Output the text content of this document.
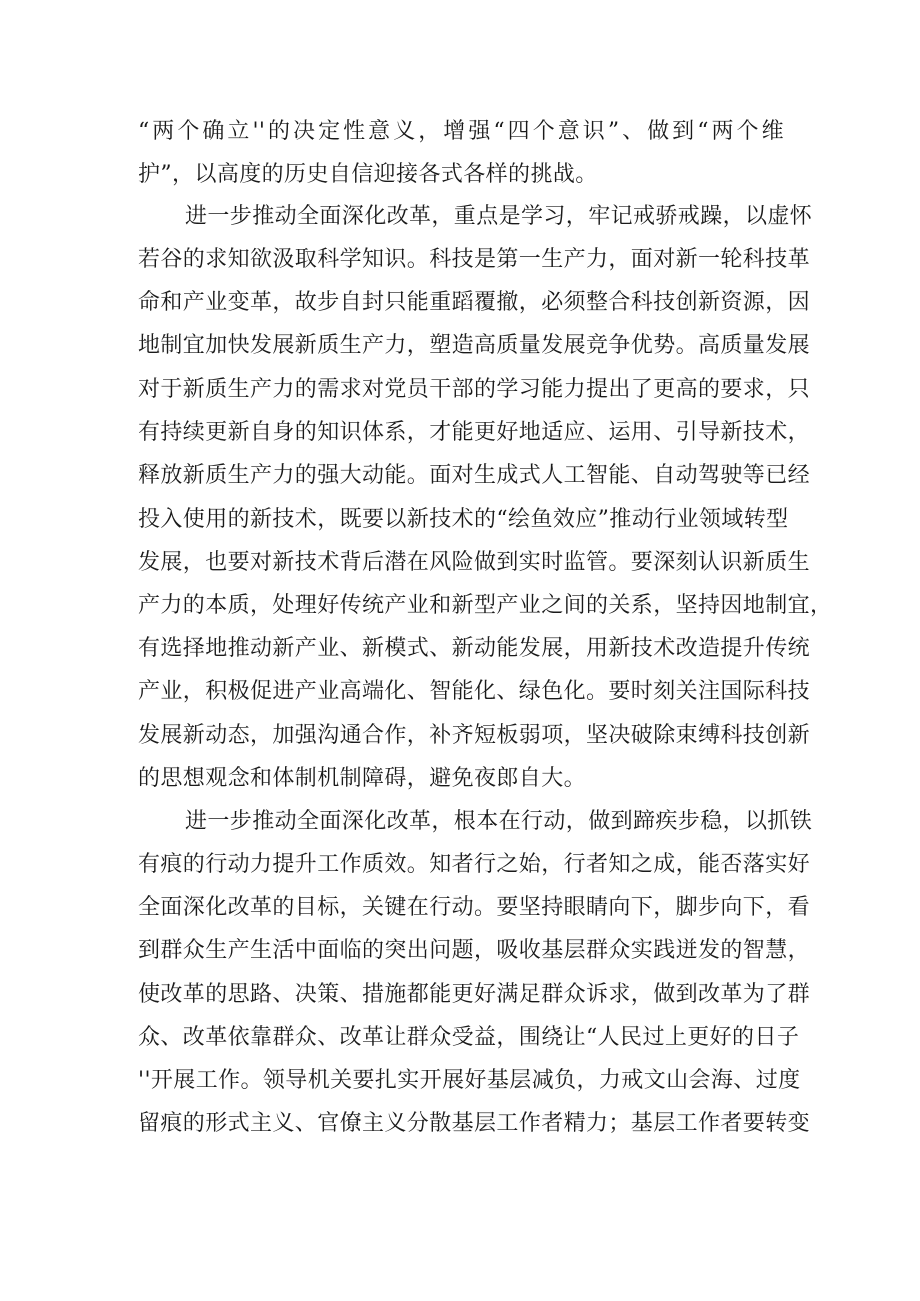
“两个确立''的决定性意义，增强“四个意识”、做到“两个维

护”，以高度的历史自信迎接各式各样的挑战。

进一步推动全面深化改革，重点是学习，牢记戒骄戒躁，以虚怀

若谷的求知欲汲取科学知识。科技是第一生产力，面对新一轮科技革

命和产业变革，故步自封只能重蹈覆撤，必须整合科技创新资源，因

地制宜加快发展新质生产力，塑造高质量发展竞争优势。高质量发展

对于新质生产力的需求对党员干部的学习能力提出了更高的要求，只

有持续更新自身的知识体系，才能更好地适应、运用、引导新技术，

释放新质生产力的强大动能。面对生成式人工智能、自动驾驶等已经

投入使用的新技术，既要以新技术的“绘鱼效应”推动行业领域转型

发展，也要对新技术背后潜在风险做到实时监管。要深刻认识新质生

产力的本质，处理好传统产业和新型产业之间的关系，坚持因地制宜，

有选择地推动新产业、新模式、新动能发展，用新技术改造提升传统

产业，积极促进产业高端化、智能化、绿色化。要时刻关注国际科技

发展新动态，加强沟通合作，补齐短板弱项，坚决破除束缚科技创新

的思想观念和体制机制障碍，避免夜郎自大。

进一步推动全面深化改革，根本在行动，做到蹄疾步稳，以抓铁

有痕的行动力提升工作质效。知者行之始，行者知之成，能否落实好

全面深化改革的目标，关键在行动。要坚持眼睛向下，脚步向下，看

到群众生产生活中面临的突出问题，吸收基层群众实践迸发的智慧，

使改革的思路、决策、措施都能更好满足群众诉求，做到改革为了群

众、改革依靠群众、改革让群众受益，围绕让“人民过上更好的日子

''开展工作。领导机关要扎实开展好基层减负，力戒文山会海、过度

留痕的形式主义、官僚主义分散基层工作者精力；基层工作者要转变
